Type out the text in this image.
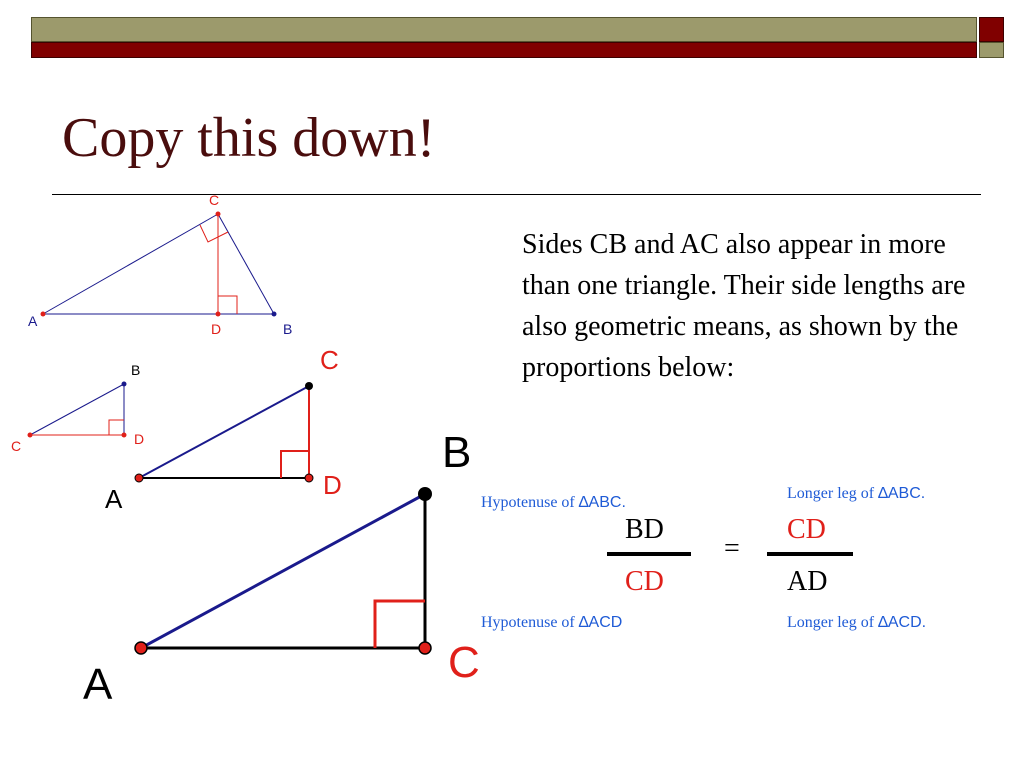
Copy this down!

Sides CB and AC also appear in more than one triangle. Their side lengths are also geometric means, as shown by the proportions below:

C
A	D	B
B
C	D
C
A	D
B
A	C
Hypotenuse of ∆ABC.
Longer leg of ∆ABC.
Hypotenuse of ∆ACD	Longer leg of ∆ACD.
BD
CD
=
CD
AD
